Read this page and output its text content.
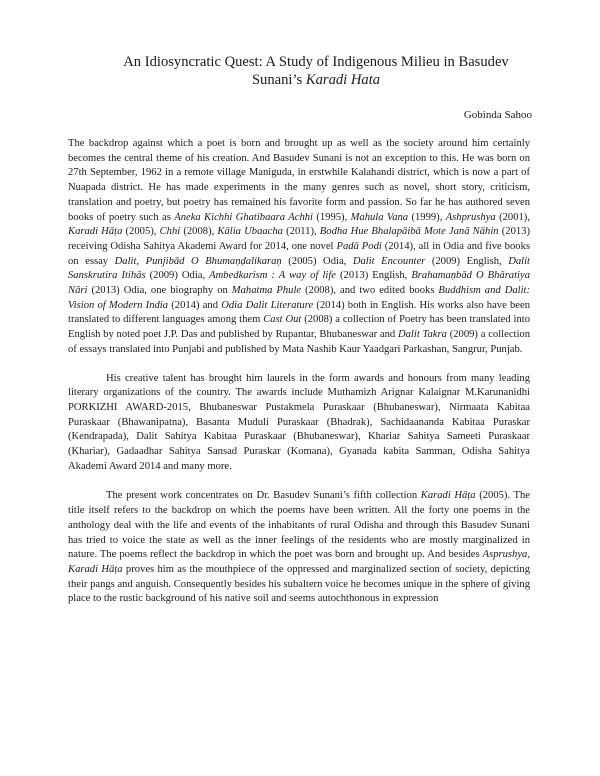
An Idiosyncratic Quest: A Study of Indigenous Milieu in Basudev
Sunani’s Karadi Hata

Gobinda Sahoo

The backdrop against which a poet is born and brought up as well as the society around him certainly becomes the central theme of his creation. And Basudev Sunani is not an exception to this. He was born on 27th September, 1962 in a remote village Maniguda, in erstwhile Kalahandi district, which is now a part of Nuapada district. He has made experiments in the many genres such as novel, short story, criticism, translation and poetry, but poetry has remained his favorite form and passion. So far he has authored seven books of poetry such as Aneka Kichhi Ghatibaara Achhi (1995), Mahula Vana (1999), Ashprushya (2001), Karadi Hāṭa (2005), Chhi (2008), Kālia Ubaacha (2011), Bodha Hue Bhalapāibā Mote Janā Nāhin (2013) receiving Odisha Sahitya Akademi Award for 2014, one novel Padā Podi (2014), all in Odia and five books on essay Dalit, Punjibād O Bhumaṇḍalikaraṇ (2005) Odia, Dalit Encounter (2009) English, Dalit Sanskrutira Itihās (2009) Odia, Ambedkarism : A way of life (2013) English, Brahamaṇbād O Bhāratiya Nāri (2013) Odia, one biography on Mahatma Phule (2008), and two edited books Buddhism and Dalit: Vision of Modern India (2014) and Odia Dalit Literature (2014) both in English. His works also have been translated to different languages among them Cast Out (2008) a collection of Poetry has been translated into English by noted poet J.P. Das and published by Rupantar, Bhubaneswar and Dalit Takra (2009) a collection of essays translated into Punjabi and published by Mata Nashib Kaur Yaadgari Parkashan, Sangrur, Punjab.

His creative talent has brought him laurels in the form awards and honours from many leading literary organizations of the country. The awards include Muthamizh Arignar Kalaignar M.Karunanidhi PORKIZHI AWARD-2015, Bhubaneswar Pustakmela Puraskaar (Bhubaneswar), Nirmaata Kabitaa Puraskaar (Bhawanipatna), Basanta Muduli Puraskaar (Bhadrak), Sachidaananda Kabitaa Puraskar (Kendrapada), Dalit Sahitya Kabitaa Puraskaar (Bhubaneswar), Khariar Sahitya Sameeti Puraskaar (Khariar), Gadaadhar Sahitya Sansad Puraskar (Komana), Gyanada kabita Samman, Odisha Sahitya Akademi Award 2014 and many more.

The present work concentrates on Dr. Basudev Sunani’s fifth collection Karadi Hāṭa (2005). The title itself refers to the backdrop on which the poems have been written. All the forty one poems in the anthology deal with the life and events of the inhabitants of rural Odisha and through this Basudev Sunani has tried to voice the state as well as the inner feelings of the residents who are mostly marginalized in nature. The poems reflect the backdrop in which the poet was born and brought up. And besides Asprushya, Karadi Hāṭa proves him as the mouthpiece of the oppressed and marginalized section of society, depicting their pangs and anguish. Consequently besides his subaltern voice he becomes unique in the sphere of giving place to the rustic background of his native soil and seems autochthonous in expression
